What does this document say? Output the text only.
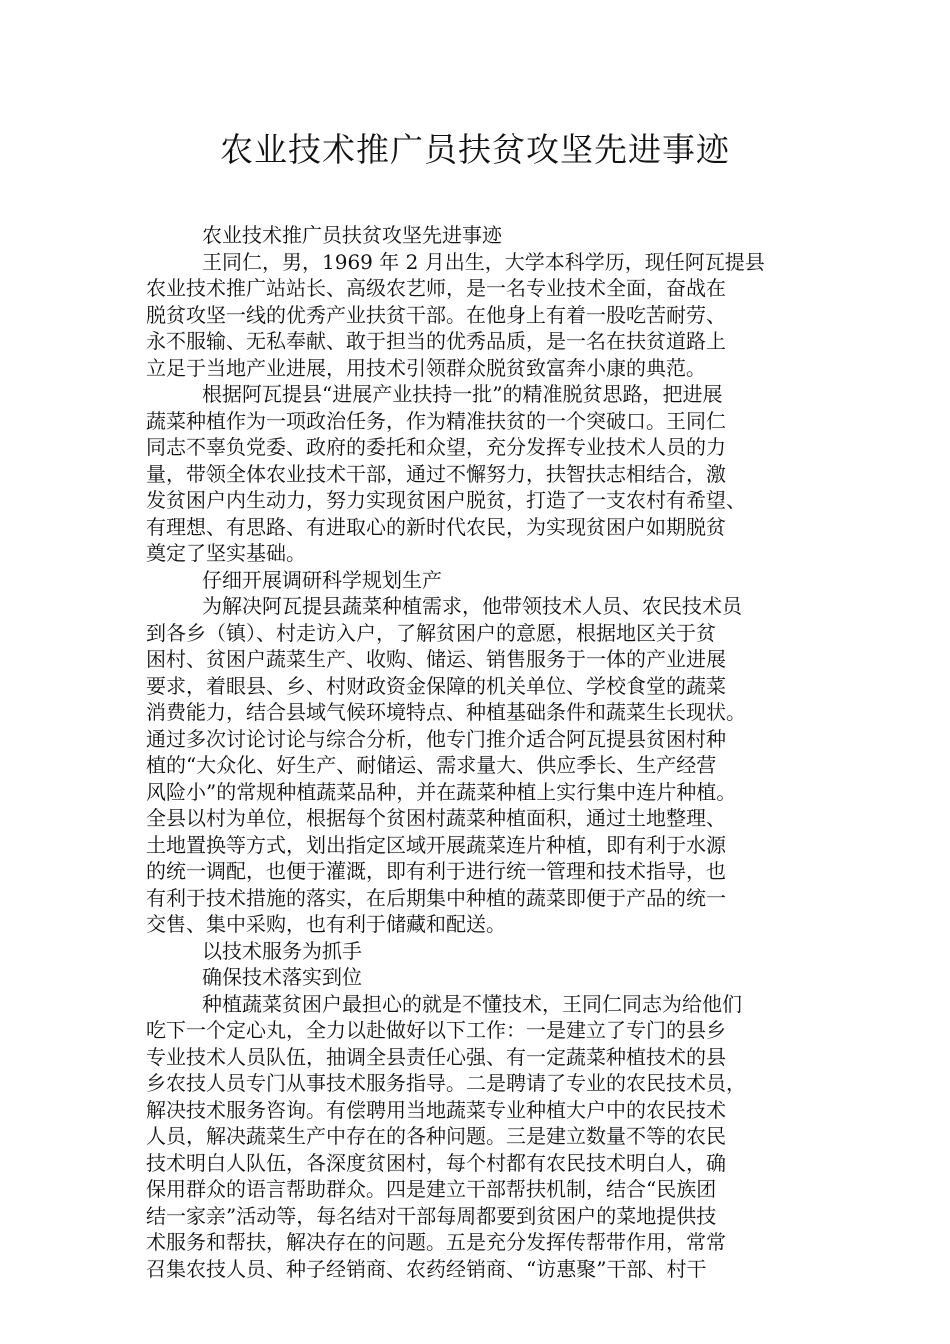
农业技术推广员扶贫攻坚先进事迹

农业技术推广员扶贫攻坚先进事迹

王同仁，男，1969 年 2 月出生，大学本科学历，现任阿瓦提县

农业技术推广站站长、高级农艺师，是一名专业技术全面，奋战在

脱贫攻坚一线的优秀产业扶贫干部。在他身上有着一股吃苦耐劳、

永不服输、无私奉献、敢于担当的优秀品质，是一名在扶贫道路上

立足于当地产业进展，用技术引领群众脱贫致富奔小康的典范。

根据阿瓦提县“进展产业扶持一批”的精准脱贫思路，把进展

蔬菜种植作为一项政治任务，作为精准扶贫的一个突破口。王同仁

同志不辜负党委、政府的委托和众望，充分发挥专业技术人员的力

量，带领全体农业技术干部，通过不懈努力，扶智扶志相结合，激

发贫困户内生动力，努力实现贫困户脱贫，打造了一支农村有希望、

有理想、有思路、有进取心的新时代农民，为实现贫困户如期脱贫

奠定了坚实基础。

仔细开展调研科学规划生产

为解决阿瓦提县蔬菜种植需求，他带领技术人员、农民技术员

到各乡（镇）、村走访入户，了解贫困户的意愿，根据地区关于贫

困村、贫困户蔬菜生产、收购、储运、销售服务于一体的产业进展

要求，着眼县、乡、村财政资金保障的机关单位、学校食堂的蔬菜

消费能力，结合县域气候环境特点、种植基础条件和蔬菜生长现状。

通过多次讨论讨论与综合分析，他专门推介适合阿瓦提县贫困村种

植的“大众化、好生产、耐储运、需求量大、供应季长、生产经营

风险小”的常规种植蔬菜品种，并在蔬菜种植上实行集中连片种植。

全县以村为单位，根据每个贫困村蔬菜种植面积，通过土地整理、

土地置换等方式，划出指定区域开展蔬菜连片种植，即有利于水源

的统一调配，也便于灌溉，即有利于进行统一管理和技术指导，也

有利于技术措施的落实，在后期集中种植的蔬菜即便于产品的统一

交售、集中采购，也有利于储藏和配送。

以技术服务为抓手

确保技术落实到位

种植蔬菜贫困户最担心的就是不懂技术，王同仁同志为给他们

吃下一个定心丸，全力以赴做好以下工作：一是建立了专门的县乡

专业技术人员队伍，抽调全县责任心强、有一定蔬菜种植技术的县

乡农技人员专门从事技术服务指导。二是聘请了专业的农民技术员，

解决技术服务咨询。有偿聘用当地蔬菜专业种植大户中的农民技术

人员，解决蔬菜生产中存在的各种问题。三是建立数量不等的农民

技术明白人队伍，各深度贫困村，每个村都有农民技术明白人，确

保用群众的语言帮助群众。四是建立干部帮扶机制，结合“民族团

结一家亲”活动等，每名结对干部每周都要到贫困户的菜地提供技

术服务和帮扶，解决存在的问题。五是充分发挥传帮带作用，常常

召集农技人员、种子经销商、农药经销商、“访惠聚”干部、村干
